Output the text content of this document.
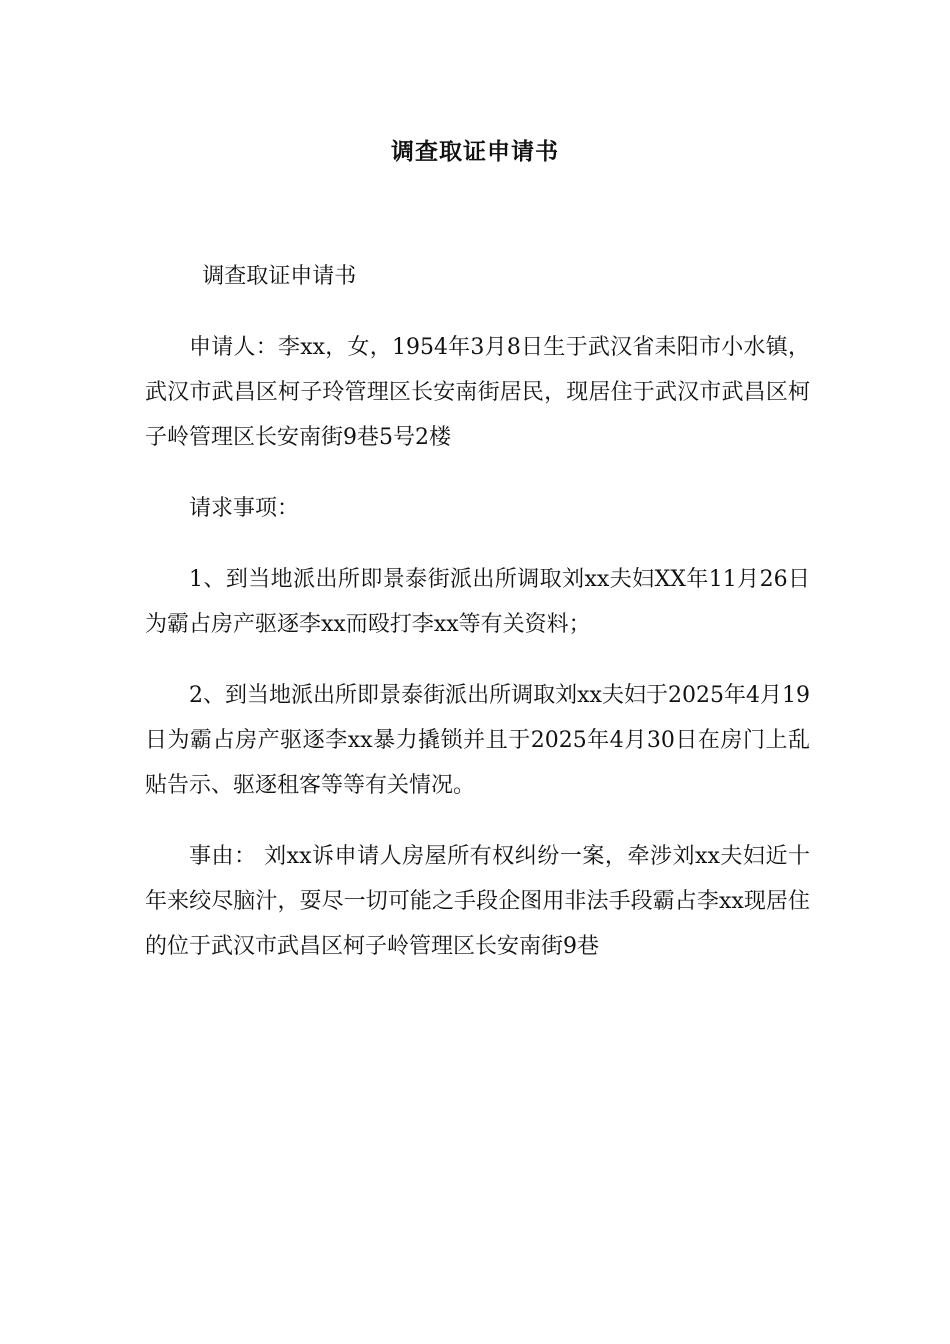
调查取证申请书

调查取证申请书

申请人：李xx，女，1954年3月8日生于武汉省耒阳市小水镇，武汉市武昌区柯子玲管理区长安南街居民，现居住于武汉市武昌区柯子岭管理区长安南街9巷5号2楼

请求事项：

1、到当地派出所即景泰街派出所调取刘xx夫妇XX年11月26日为霸占房产驱逐李xx而殴打李xx等有关资料；

2、到当地派出所即景泰街派出所调取刘xx夫妇于2025年4月19日为霸占房产驱逐李xx暴力撬锁并且于2025年4月30日在房门上乱贴告示、驱逐租客等等有关情况。

事由： 刘xx诉申请人房屋所有权纠纷一案，牵涉刘xx夫妇近十年来绞尽脑汁，耍尽一切可能之手段企图用非法手段霸占李xx现居住的位于武汉市武昌区柯子岭管理区长安南街9巷
